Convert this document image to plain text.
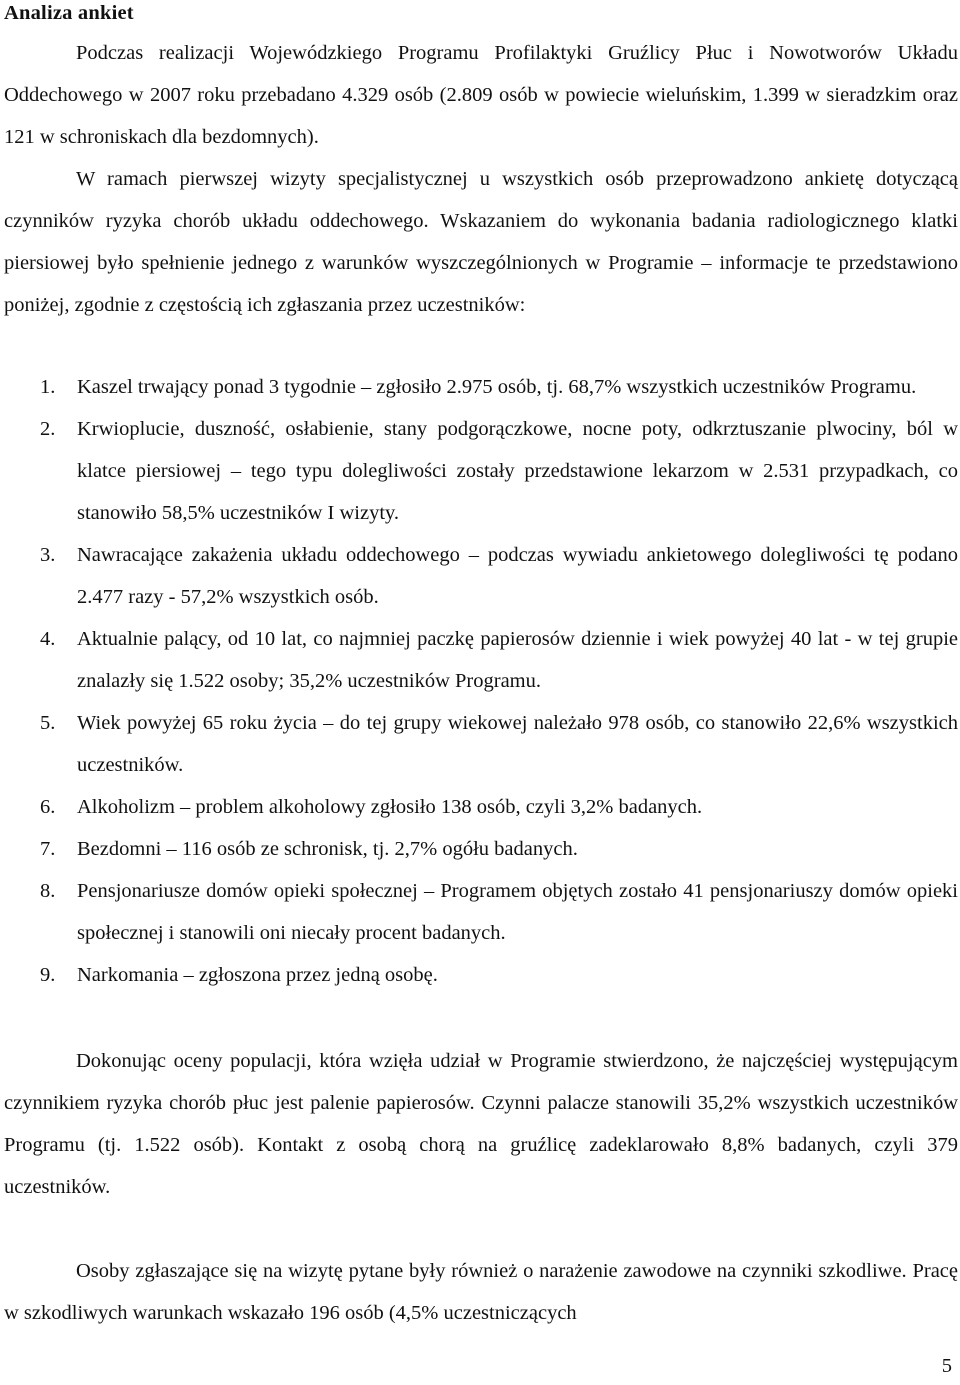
Analiza ankiet

Podczas realizacji Wojewódzkiego Programu Profilaktyki Gruźlicy Płuc i Nowotworów Układu Oddechowego w 2007 roku przebadano 4.329 osób (2.809 osób w powiecie wieluńskim, 1.399 w sieradzkim oraz 121 w schroniskach dla bezdomnych).

W ramach pierwszej wizyty specjalistycznej u wszystkich osób przeprowadzono ankietę dotyczącą czynników ryzyka chorób układu oddechowego. Wskazaniem do wykonania badania radiologicznego klatki piersiowej było spełnienie jednego z warunków wyszczególnionych w Programie – informacje te przedstawiono poniżej, zgodnie z częstością ich zgłaszania przez uczestników:

1. Kaszel trwający ponad 3 tygodnie – zgłosiło 2.975 osób, tj. 68,7% wszystkich uczestników Programu.
2. Krwioplucie, duszność, osłabienie, stany podgorączkowe, nocne poty, odkrztuszanie plwociny, ból w klatce piersiowej – tego typu dolegliwości zostały przedstawione lekarzom w 2.531 przypadkach, co stanowiło 58,5% uczestników I wizyty.
3. Nawracające zakażenia układu oddechowego – podczas wywiadu ankietowego dolegliwości tę podano 2.477 razy - 57,2% wszystkich osób.
4. Aktualnie palący, od 10 lat, co najmniej paczkę papierosów dziennie i wiek powyżej 40 lat - w tej grupie znalazły się 1.522 osoby; 35,2% uczestników Programu.
5. Wiek powyżej 65 roku życia – do tej grupy wiekowej należało 978 osób, co stanowiło 22,6% wszystkich uczestników.
6. Alkoholizm – problem alkoholowy zgłosiło 138 osób, czyli 3,2% badanych.
7. Bezdomni – 116 osób ze schronisk, tj. 2,7% ogółu badanych.
8. Pensjonariusze domów opieki społecznej – Programem objętych zostało 41 pensjonariuszy domów opieki społecznej i stanowili oni niecały procent badanych.
9. Narkomania – zgłoszona przez jedną osobę.

Dokonując oceny populacji, która wzięła udział w Programie stwierdzono, że najczęściej występującym czynnikiem ryzyka chorób płuc jest palenie papierosów. Czynni palacze stanowili 35,2% wszystkich uczestników Programu (tj. 1.522 osób). Kontakt z osobą chorą na gruźlicę zadeklarowało 8,8% badanych, czyli 379 uczestników.

Osoby zgłaszające się na wizytę pytane były również o narażenie zawodowe na czynniki szkodliwe. Pracę w szkodliwych warunkach wskazało 196 osób (4,5% uczestniczących

5
